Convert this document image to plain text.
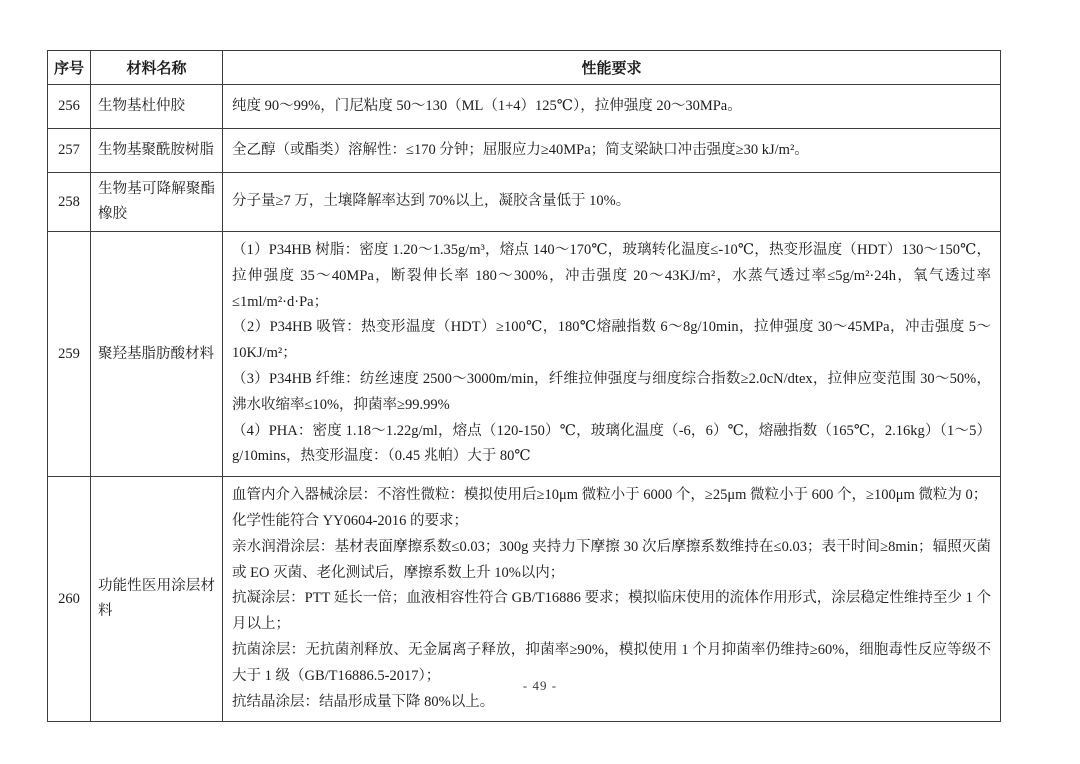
序号	材料名称	性能要求
256	生物基杜仲胶	纯度 90～99%，门尼粘度 50～130（ML（1+4）125℃），拉伸强度 20～30MPa。

257	生物基聚酰胺树脂	全乙醇（或酯类）溶解性：≤170 分钟；屈服应力≥40MPa；简支梁缺口冲击强度≥30 kJ/m²。

258	生物基可降解聚酯橡胶	分子量≥7 万，土壤降解率达到 70%以上，凝胶含量低于 10%。

259	聚羟基脂肪酸材料	（1）P34HB 树脂：密度 1.20～1.35g/m³，熔点 140～170℃，玻璃转化温度≤-10℃，热变形温度（HDT）130～150℃，拉伸强度 35～40MPa，断裂伸长率 180～300%，冲击强度 20～43KJ/m²，水蒸气透过率≤5g/m²·24h，氧气透过率≤1ml/m²·d·Pa；
（2）P34HB 吸管：热变形温度（HDT）≥100℃，180℃熔融指数 6～8g/10min，拉伸强度 30～45MPa，冲击强度 5～10KJ/m²；
（3）P34HB 纤维：纺丝速度 2500～3000m/min，纤维拉伸强度与细度综合指数≥2.0cN/dtex，拉伸应变范围 30～50%，沸水收缩率≤10%，抑菌率≥99.99%
（4）PHA：密度 1.18～1.22g/ml，熔点（120-150）℃，玻璃化温度（-6，6）℃，熔融指数（165℃，2.16kg）（1～5）g/10mins，热变形温度：（0.45 兆帕）大于 80℃

260	功能性医用涂层材料	
血管内介入器械涂层：不溶性微粒：模拟使用后≥10μm 微粒小于 6000 个，≥25μm 微粒小于 600 个，≥100μm 微粒为 0；
化学性能符合 YY0604-2016 的要求；
亲水润滑涂层：基材表面摩擦系数≤0.03；300g 夹持力下摩擦 30 次后摩擦系数维持在≤0.03；表干时间≥8min；辐照灭菌或 EO 灭菌、老化测试后，摩擦系数上升 10%以内；
抗凝涂层：PTT 延长一倍；血液相容性符合 GB/T16886 要求；模拟临床使用的流体作用形式，涂层稳定性维持至少 1 个月以上；
抗菌涂层：无抗菌剂释放、无金属离子释放，抑菌率≥90%，模拟使用 1 个月抑菌率仍维持≥60%，细胞毒性反应等级不大于 1 级（GB/T16886.5-2017）；
抗结晶涂层：结晶形成量下降 80%以上。
- 49 -
